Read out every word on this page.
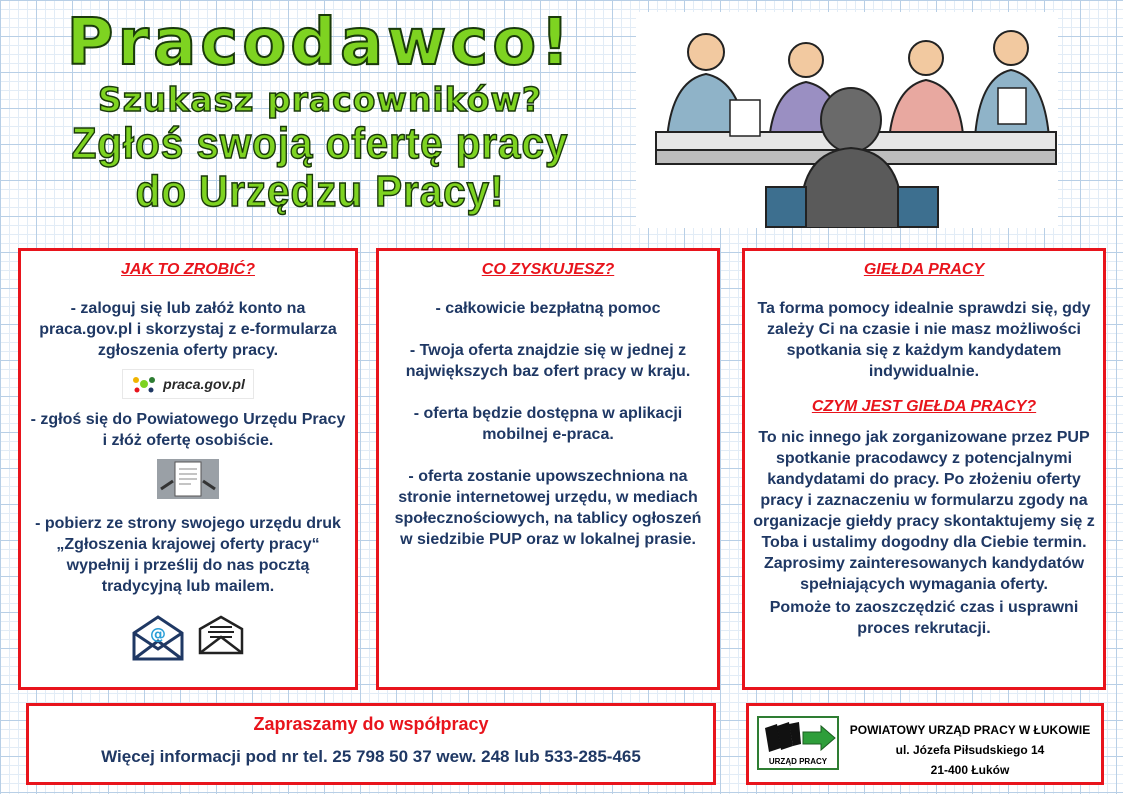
Pracodawco!
Szukasz pracowników?
Zgłoś swoją ofertę pracy
do Urzędzu Pracy!
JAK TO ZROBIĆ?
- zaloguj się lub załóż konto na praca.gov.pl i skorzystaj z e-formularza zgłoszenia oferty pracy.
praca.gov.pl
- zgłoś się do Powiatowego Urzędu Pracy i złóż ofertę osobiście.
- pobierz ze strony swojego urzędu druk „Zgłoszenia krajowej oferty pracy“ wypełnij i prześlij do nas pocztą tradycyjną lub mailem.
@
CO ZYSKUJESZ?
- całkowicie bezpłatną pomoc
- Twoja oferta znajdzie się w jednej z największych baz ofert pracy w kraju.
- oferta będzie dostępna w aplikacji mobilnej e-praca.
- oferta zostanie upowszechniona na stronie internetowej urzędu, w mediach społecznościowych, na tablicy ogłoszeń w siedzibie PUP oraz w lokalnej prasie.
GIEŁDA PRACY
Ta forma pomocy idealnie sprawdzi się, gdy zależy Ci na czasie i nie masz możliwości spotkania się z każdym kandydatem indywidualnie.
CZYM JEST GIEŁDA PRACY?
To nic innego jak zorganizowane przez PUP spotkanie pracodawcy z potencjalnymi kandydatami do pracy. Po złożeniu oferty pracy i zaznaczeniu w formularzu zgody na organizacje giełdy pracy skontaktujemy się z Toba i ustalimy dogodny dla Ciebie termin. Zaprosimy zainteresowanych kandydatów spełniających wymagania oferty.
Pomoże to zaoszczędzić czas i usprawni proces rekrutacji.
Zapraszamy do współpracy
Więcej informacji pod nr tel. 25 798 50 37 wew. 248 lub 533-285-465	URZĄD PRACY
POWIATOWY URZĄD PRACY W ŁUKOWIE
ul. Józefa Piłsudskiego 14
21-400 Łuków
